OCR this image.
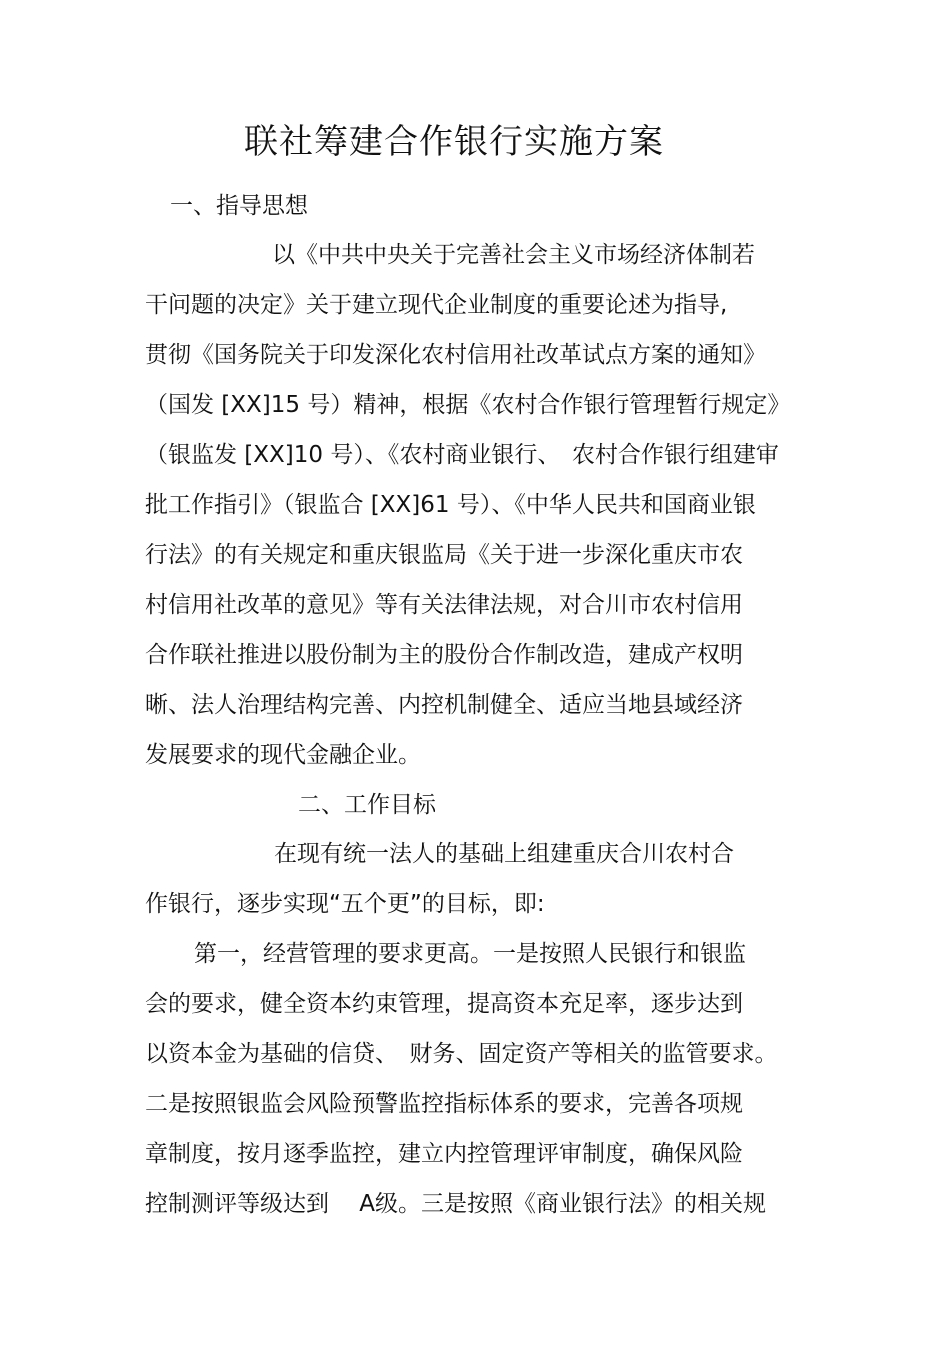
联社筹建合作银行实施方案
一、指导思想
以《中共中央关于完善社会主义市场经济体制若
干问题的决定》关于建立现代企业制度的重要论述为指导,
贯彻《国务院关于印发深化农村信用社改革试点方案的通知》
（国发 [XX]15 号）精神，根据《农村合作银行管理暂行规定》
（银监发 [XX]10 号）、《农村商业银行、　农村合作银行组建审
批工作指引》（银监合 [XX]61 号）、《中华人民共和国商业银
行法》的有关规定和重庆银监局《关于进一步深化重庆市农
村信用社改革的意见》等有关法律法规，对合川市农村信用
合作联社推进以股份制为主的股份合作制改造，建成产权明
晰、法人治理结构完善、内控机制健全、适应当地县域经济
发展要求的现代金融企业。
二、工作目标
在现有统一法人的基础上组建重庆合川农村合
作银行，逐步实现“五个更”的目标，即:
第一，经营管理的要求更高。一是按照人民银行和银监
会的要求，健全资本约束管理，提高资本充足率，逐步达到
以资本金为基础的信贷、　财务、固定资产等相关的监管要求。
二是按照银监会风险预警监控指标体系的要求，完善各项规
章制度，按月逐季监控，建立内控管理评审制度，确保风险
控制测评等级达到　 A级。三是按照《商业银行法》的相关规
